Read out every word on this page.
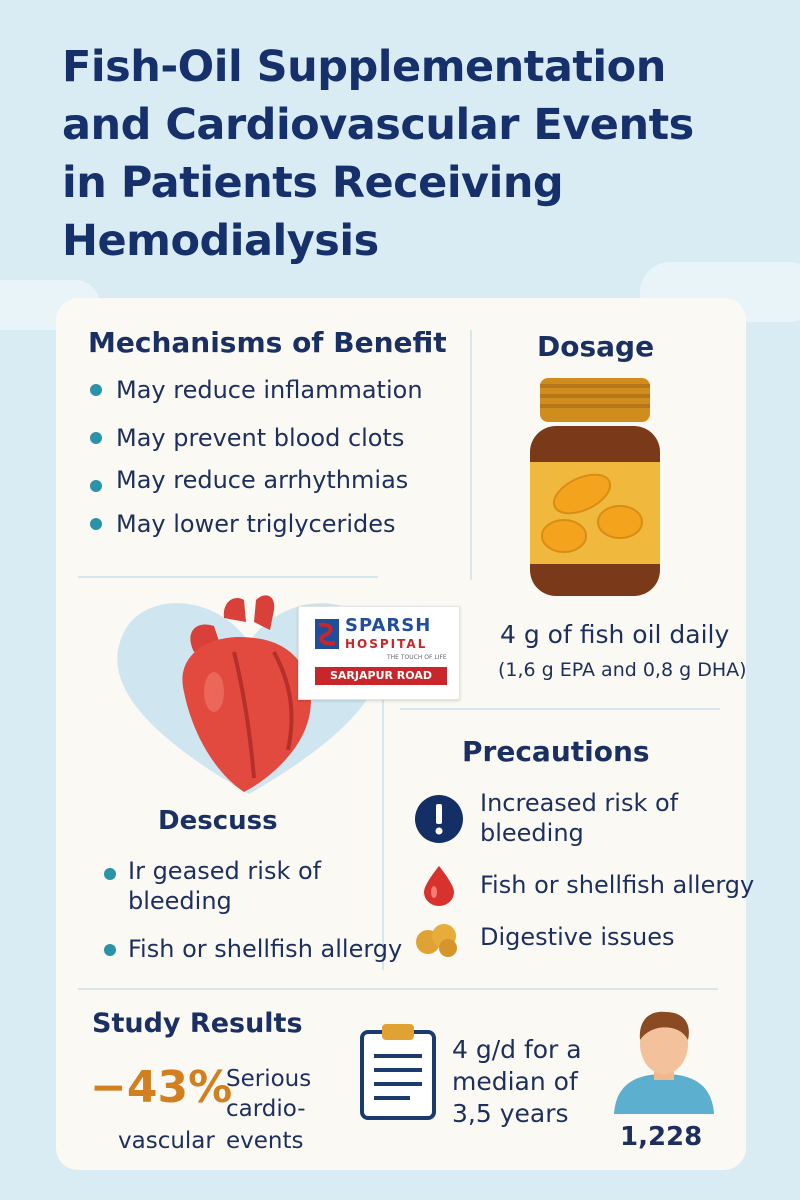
Fish-Oil Supplementation and Cardiovascular Events in Patients Receiving Hemodialysis
Mechanisms of Benefit
May reduce inflammation
May prevent blood clots
May reduce arrhythmias
May lower triglycerides
Dosage
4 g of fish oil daily
(1,6 g EPA and 0,8 g DHA)
SPARSH
HOSPITAL
THE TOUCH OF LIFE
SARJAPUR ROAD
Descuss
Ir geased risk of bleeding
Fish or shellfish allergy
Precautions
Increased risk of bleeding
Fish or shellfish allergy
Digestive issues
Study Results
−43%
Serious
cardio-
vascular events
4 g/d for a median of 3,5 years
1,228
